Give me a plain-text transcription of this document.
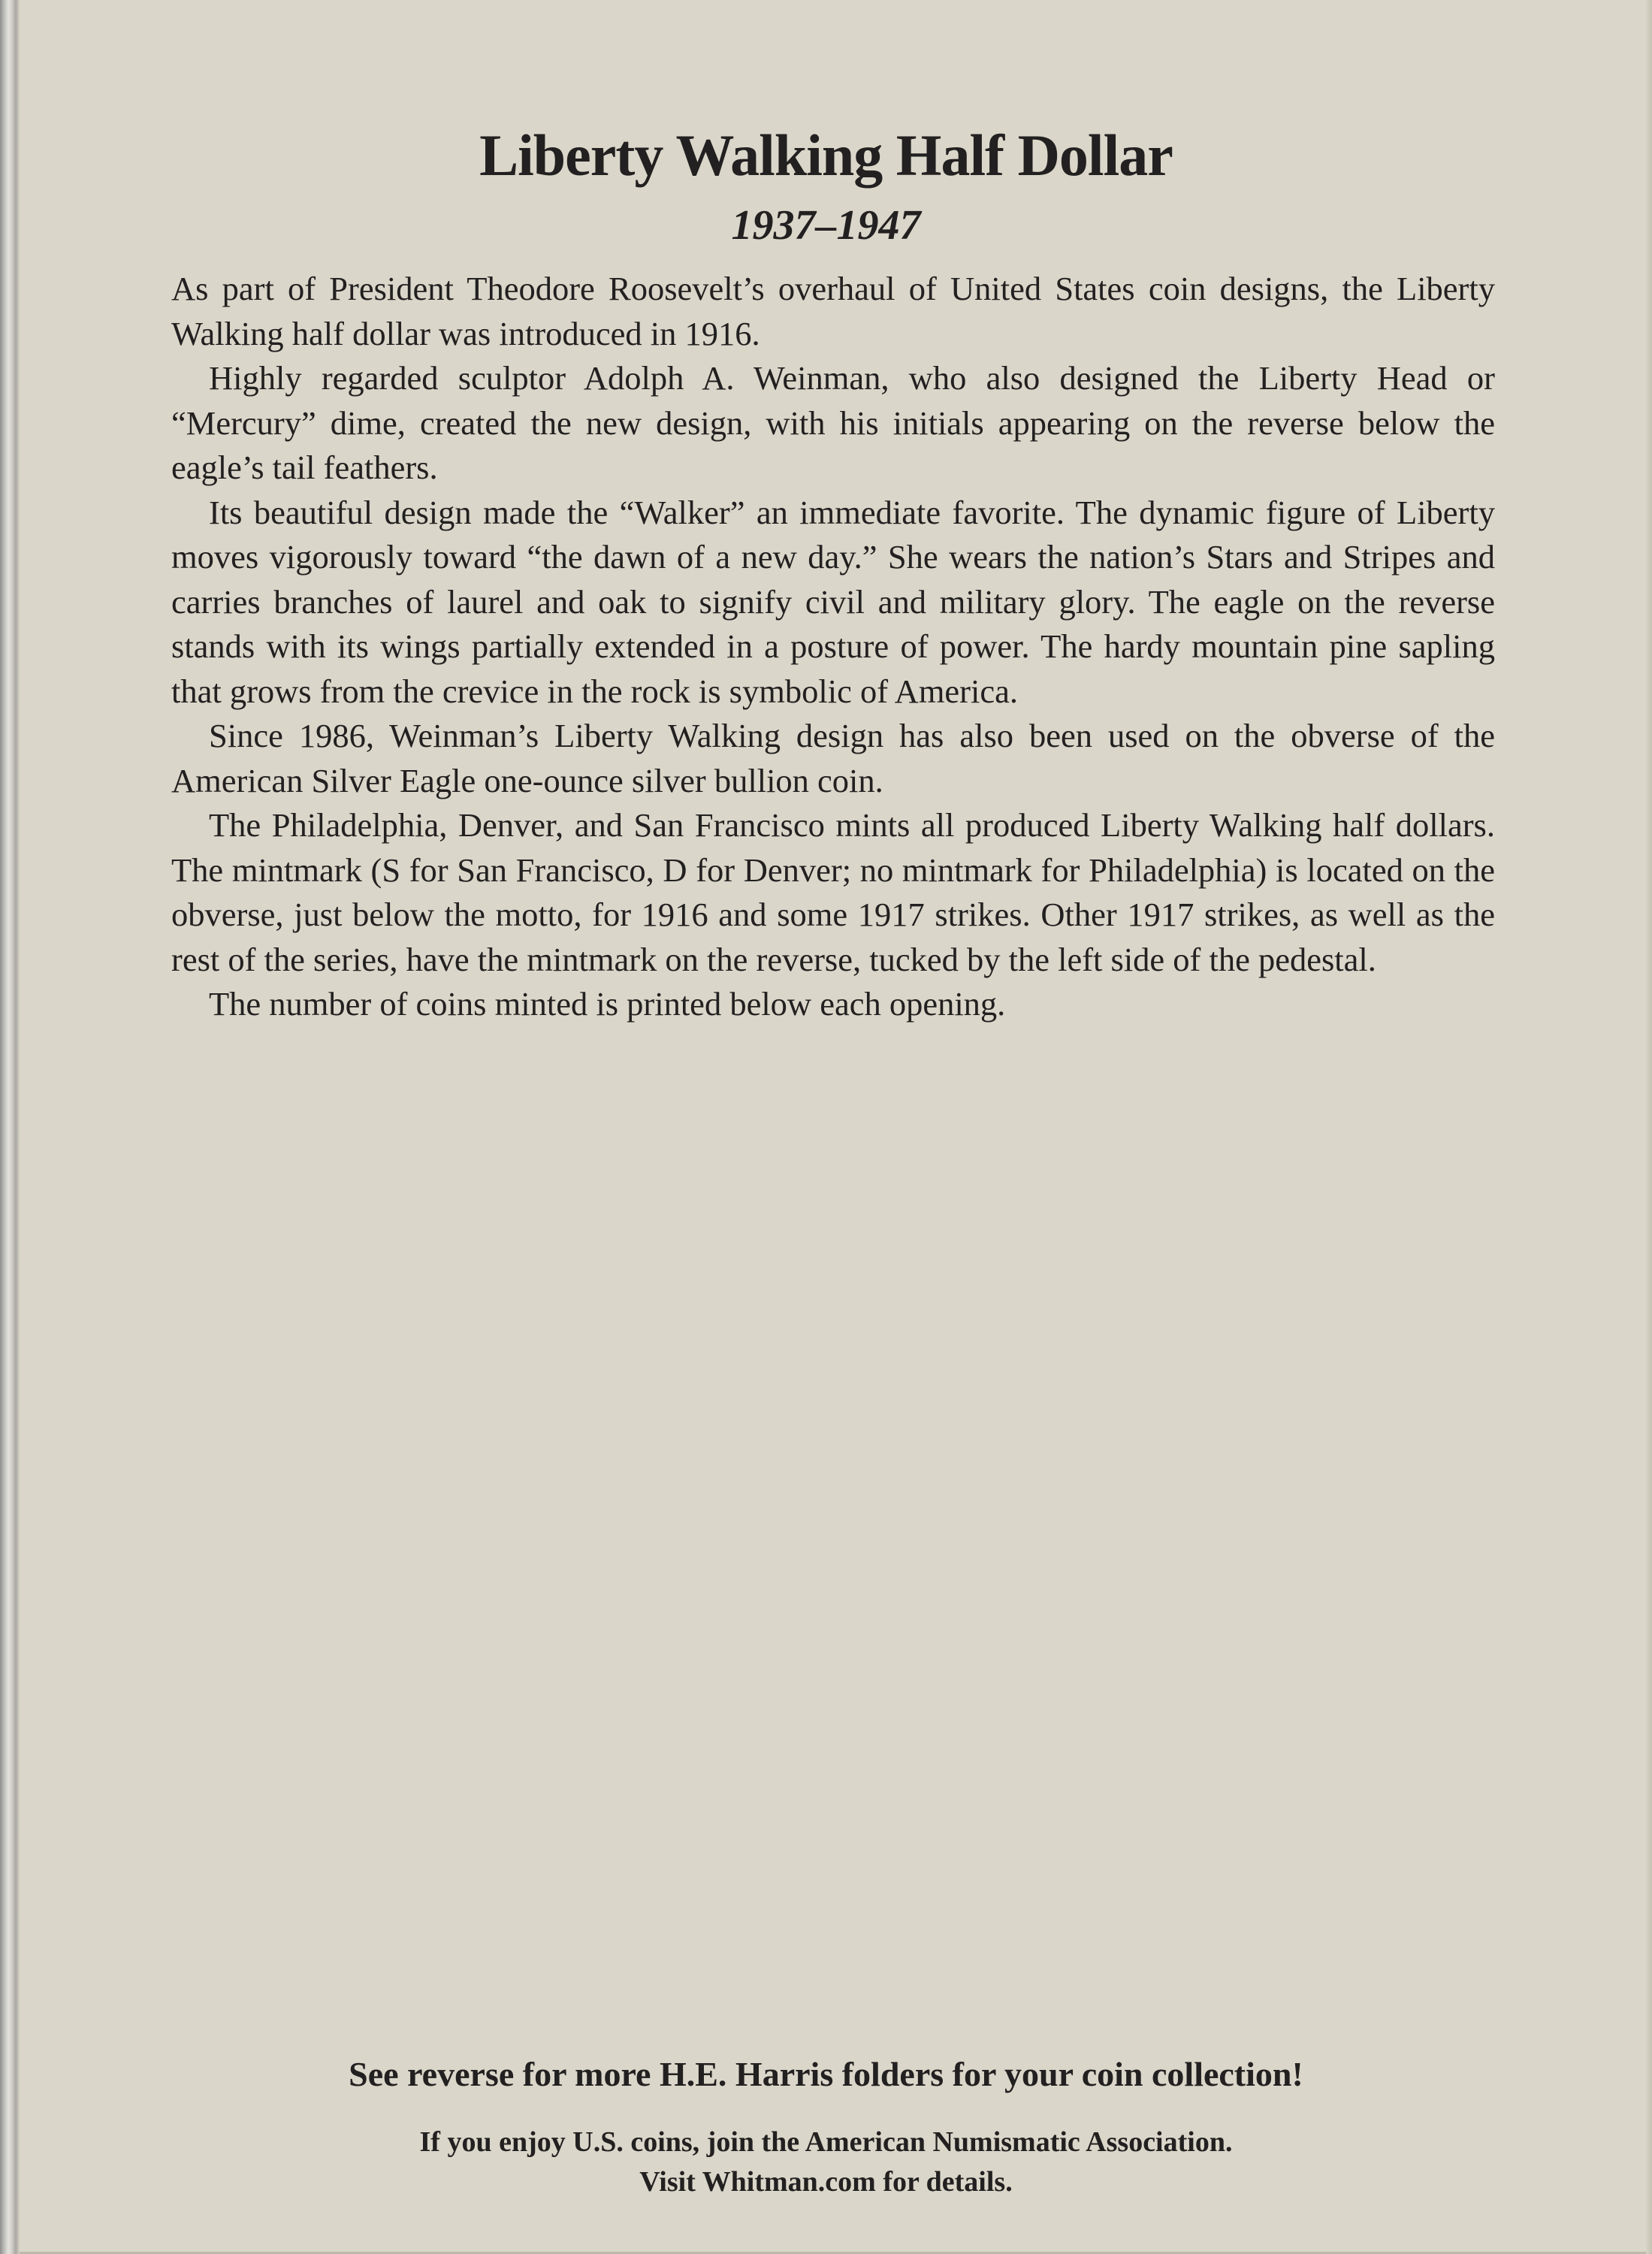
Liberty Walking Half Dollar
1937–1947

As part of President Theodore Roosevelt’s overhaul of United States coin designs, the Liberty Walking half dollar was introduced in 1916.

Highly regarded sculptor Adolph A. Weinman, who also designed the Liberty Head or “Mercury” dime, created the new design, with his initials appearing on the reverse below the eagle’s tail feathers.

Its beautiful design made the “Walker” an immediate favorite. The dynamic figure of Liberty moves vigorously toward “the dawn of a new day.” She wears the nation’s Stars and Stripes and carries branches of laurel and oak to signify civil and military glory. The eagle on the reverse stands with its wings partially extended in a posture of power. The hardy mountain pine sapling that grows from the crevice in the rock is symbolic of America.

Since 1986, Weinman’s Liberty Walking design has also been used on the obverse of the American Silver Eagle one-ounce silver bullion coin.

The Philadelphia, Denver, and San Francisco mints all produced Liberty Walking half dollars. The mintmark (S for San Francisco, D for Denver; no mintmark for Philadelphia) is located on the obverse, just below the motto, for 1916 and some 1917 strikes. Other 1917 strikes, as well as the rest of the series, have the mintmark on the reverse, tucked by the left side of the pedestal.

The number of coins minted is printed below each opening.

See reverse for more H.E. Harris folders for your coin collection!
If you enjoy U.S. coins, join the American Numismatic Association.
Visit Whitman.com for details.
